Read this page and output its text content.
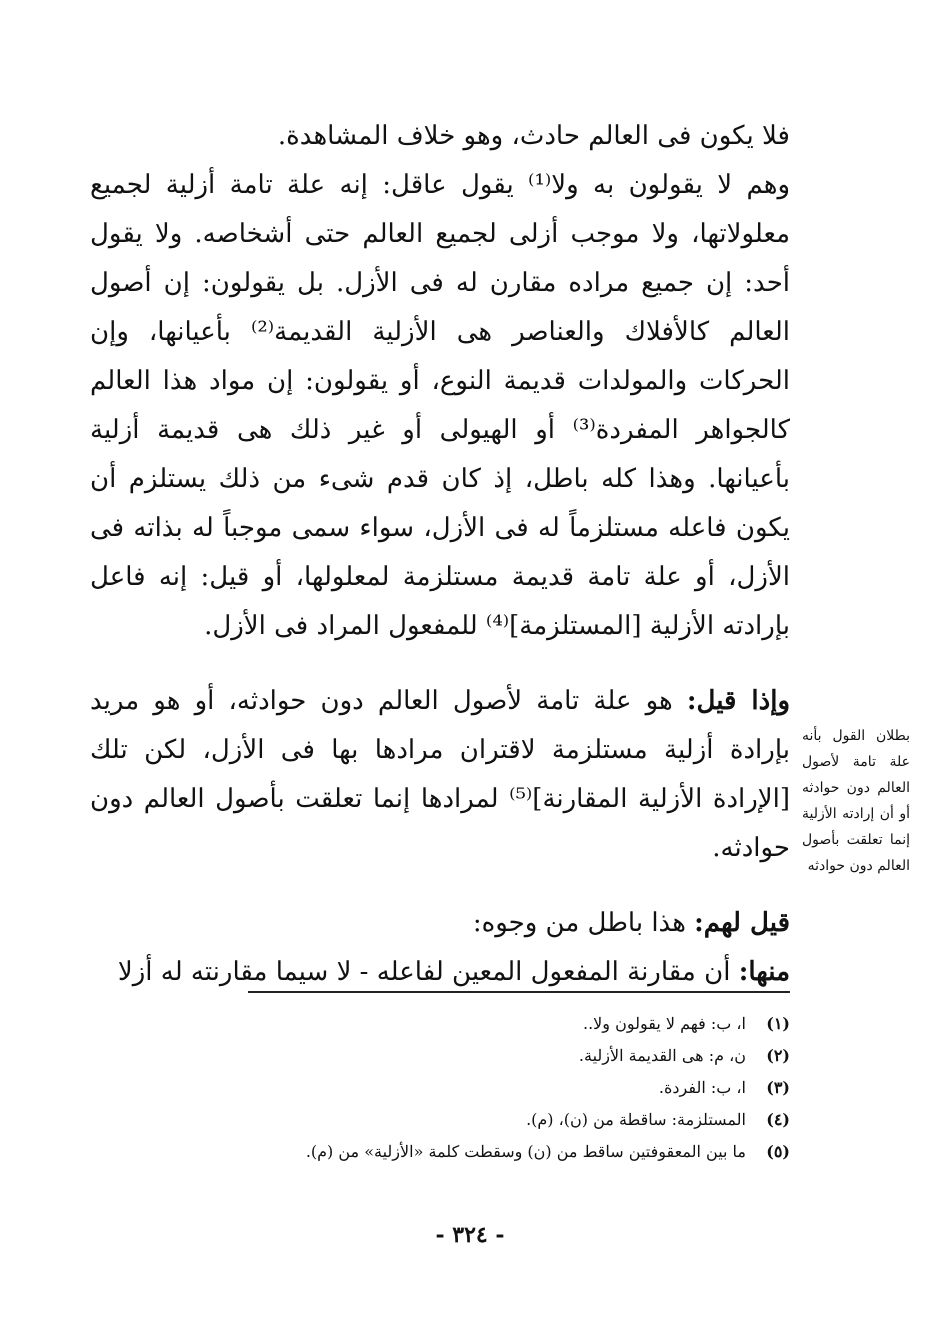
فلا يكون فى العالم حادث، وهو خلاف المشاهدة.

وهم لا يقولون به ولا⁽¹⁾ يقول عاقل: إنه علة تامة أزلية لجميع معلولاتها، ولا موجب أزلى لجميع العالم حتى أشخاصه. ولا يقول أحد: إن جميع مراده مقارن له فى الأزل. بل يقولون: إن أصول العالم كالأفلاك والعناصر هى الأزلية القديمة⁽²⁾ بأعيانها، وإن الحركات والمولدات قديمة النوع، أو يقولون: إن مواد هذا العالم كالجواهر المفردة⁽³⁾ أو الهيولى أو غير ذلك هى قديمة أزلية بأعيانها. وهذا كله باطل، إذ كان قدم شىء من ذلك يستلزم أن يكون فاعله مستلزماً له فى الأزل، سواء سمى موجباً له بذاته فى الأزل، أو علة تامة قديمة مستلزمة لمعلولها، أو قيل: إنه فاعل بإرادته الأزلية [المستلزمة]⁽⁴⁾ للمفعول المراد فى الأزل.

وإذا قيل: هو علة تامة لأصول العالم دون حوادثه، أو هو مريد بإرادة أزلية مستلزمة لاقتران مرادها بها فى الأزل، لكن تلك [الإرادة الأزلية المقارنة]⁽⁵⁾ لمرادها إنما تعلقت بأصول العالم دون حوادثه.

قيل لهم: هذا باطل من وجوه:

منها: أن مقارنة المفعول المعين لفاعله - لا سيما مقارنته له أزلا

بطلان القول بأنه علة تامة لأصول العالم دون حوادثه أو أن إرادته الأزلية إنما تعلقت بأصول العالم دون حوادثه
(١)
ا، ب: فهم لا يقولون ولا..
(٢)
ن، م: هى القديمة الأزلية.
(٣)
ا، ب: الفردة.
(٤)
المستلزمة: ساقطة من (ن)، (م).
(٥)
ما بين المعقوفتين ساقط من (ن) وسقطت كلمة «الأزلية» من (م).
- ٣٢٤ -
